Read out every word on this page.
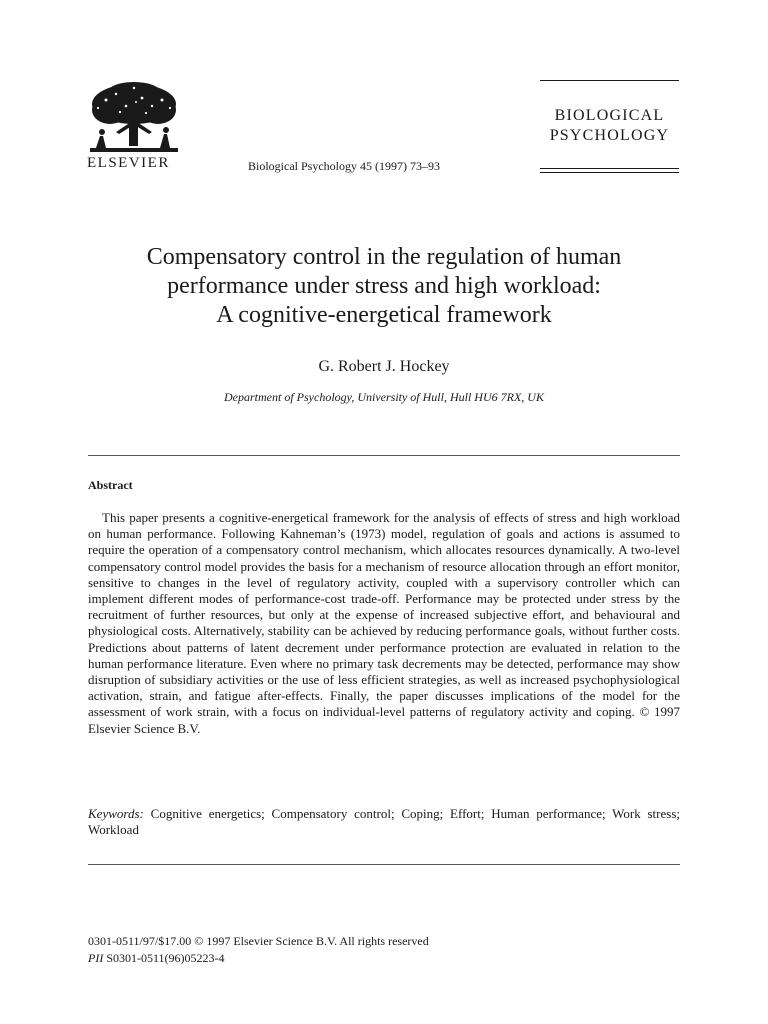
ELSEVIER	Biological Psychology 45 (1997) 73–93
BIOLOGICAL
PSYCHOLOGY
Compensatory control in the regulation of human
performance under stress and high workload:
A cognitive-energetical framework
G. Robert J. Hockey
Department of Psychology, University of Hull, Hull HU6 7RX, UK
Abstract

This paper presents a cognitive-energetical framework for the analysis of effects of stress and high workload on human performance. Following Kahneman’s (1973) model, regulation of goals and actions is assumed to require the operation of a compensatory control mechanism, which allocates resources dynamically. A two-level compensatory control model provides the basis for a mechanism of resource allocation through an effort monitor, sensitive to changes in the level of regulatory activity, coupled with a supervisory controller which can implement different modes of performance-cost trade-off. Performance may be protected under stress by the recruitment of further resources, but only at the expense of increased subjective effort, and behavioural and physiological costs. Alternatively, stability can be achieved by reducing performance goals, without further costs. Predictions about patterns of latent decrement under performance protection are evaluated in relation to the human performance literature. Even where no primary task decrements may be detected, performance may show disruption of subsidiary activities or the use of less efficient strategies, as well as increased psychophysiological activation, strain, and fatigue after-effects. Finally, the paper discusses implications of the model for the assessment of work strain, with a focus on individual-level patterns of regulatory activity and coping. © 1997 Elsevier Science B.V.

Keywords: Cognitive energetics; Compensatory control; Coping; Effort; Human performance; Work stress; Workload

0301-0511/97/$17.00 © 1997 Elsevier Science B.V. All rights reserved
PII S0301-0511(96)05223-4
